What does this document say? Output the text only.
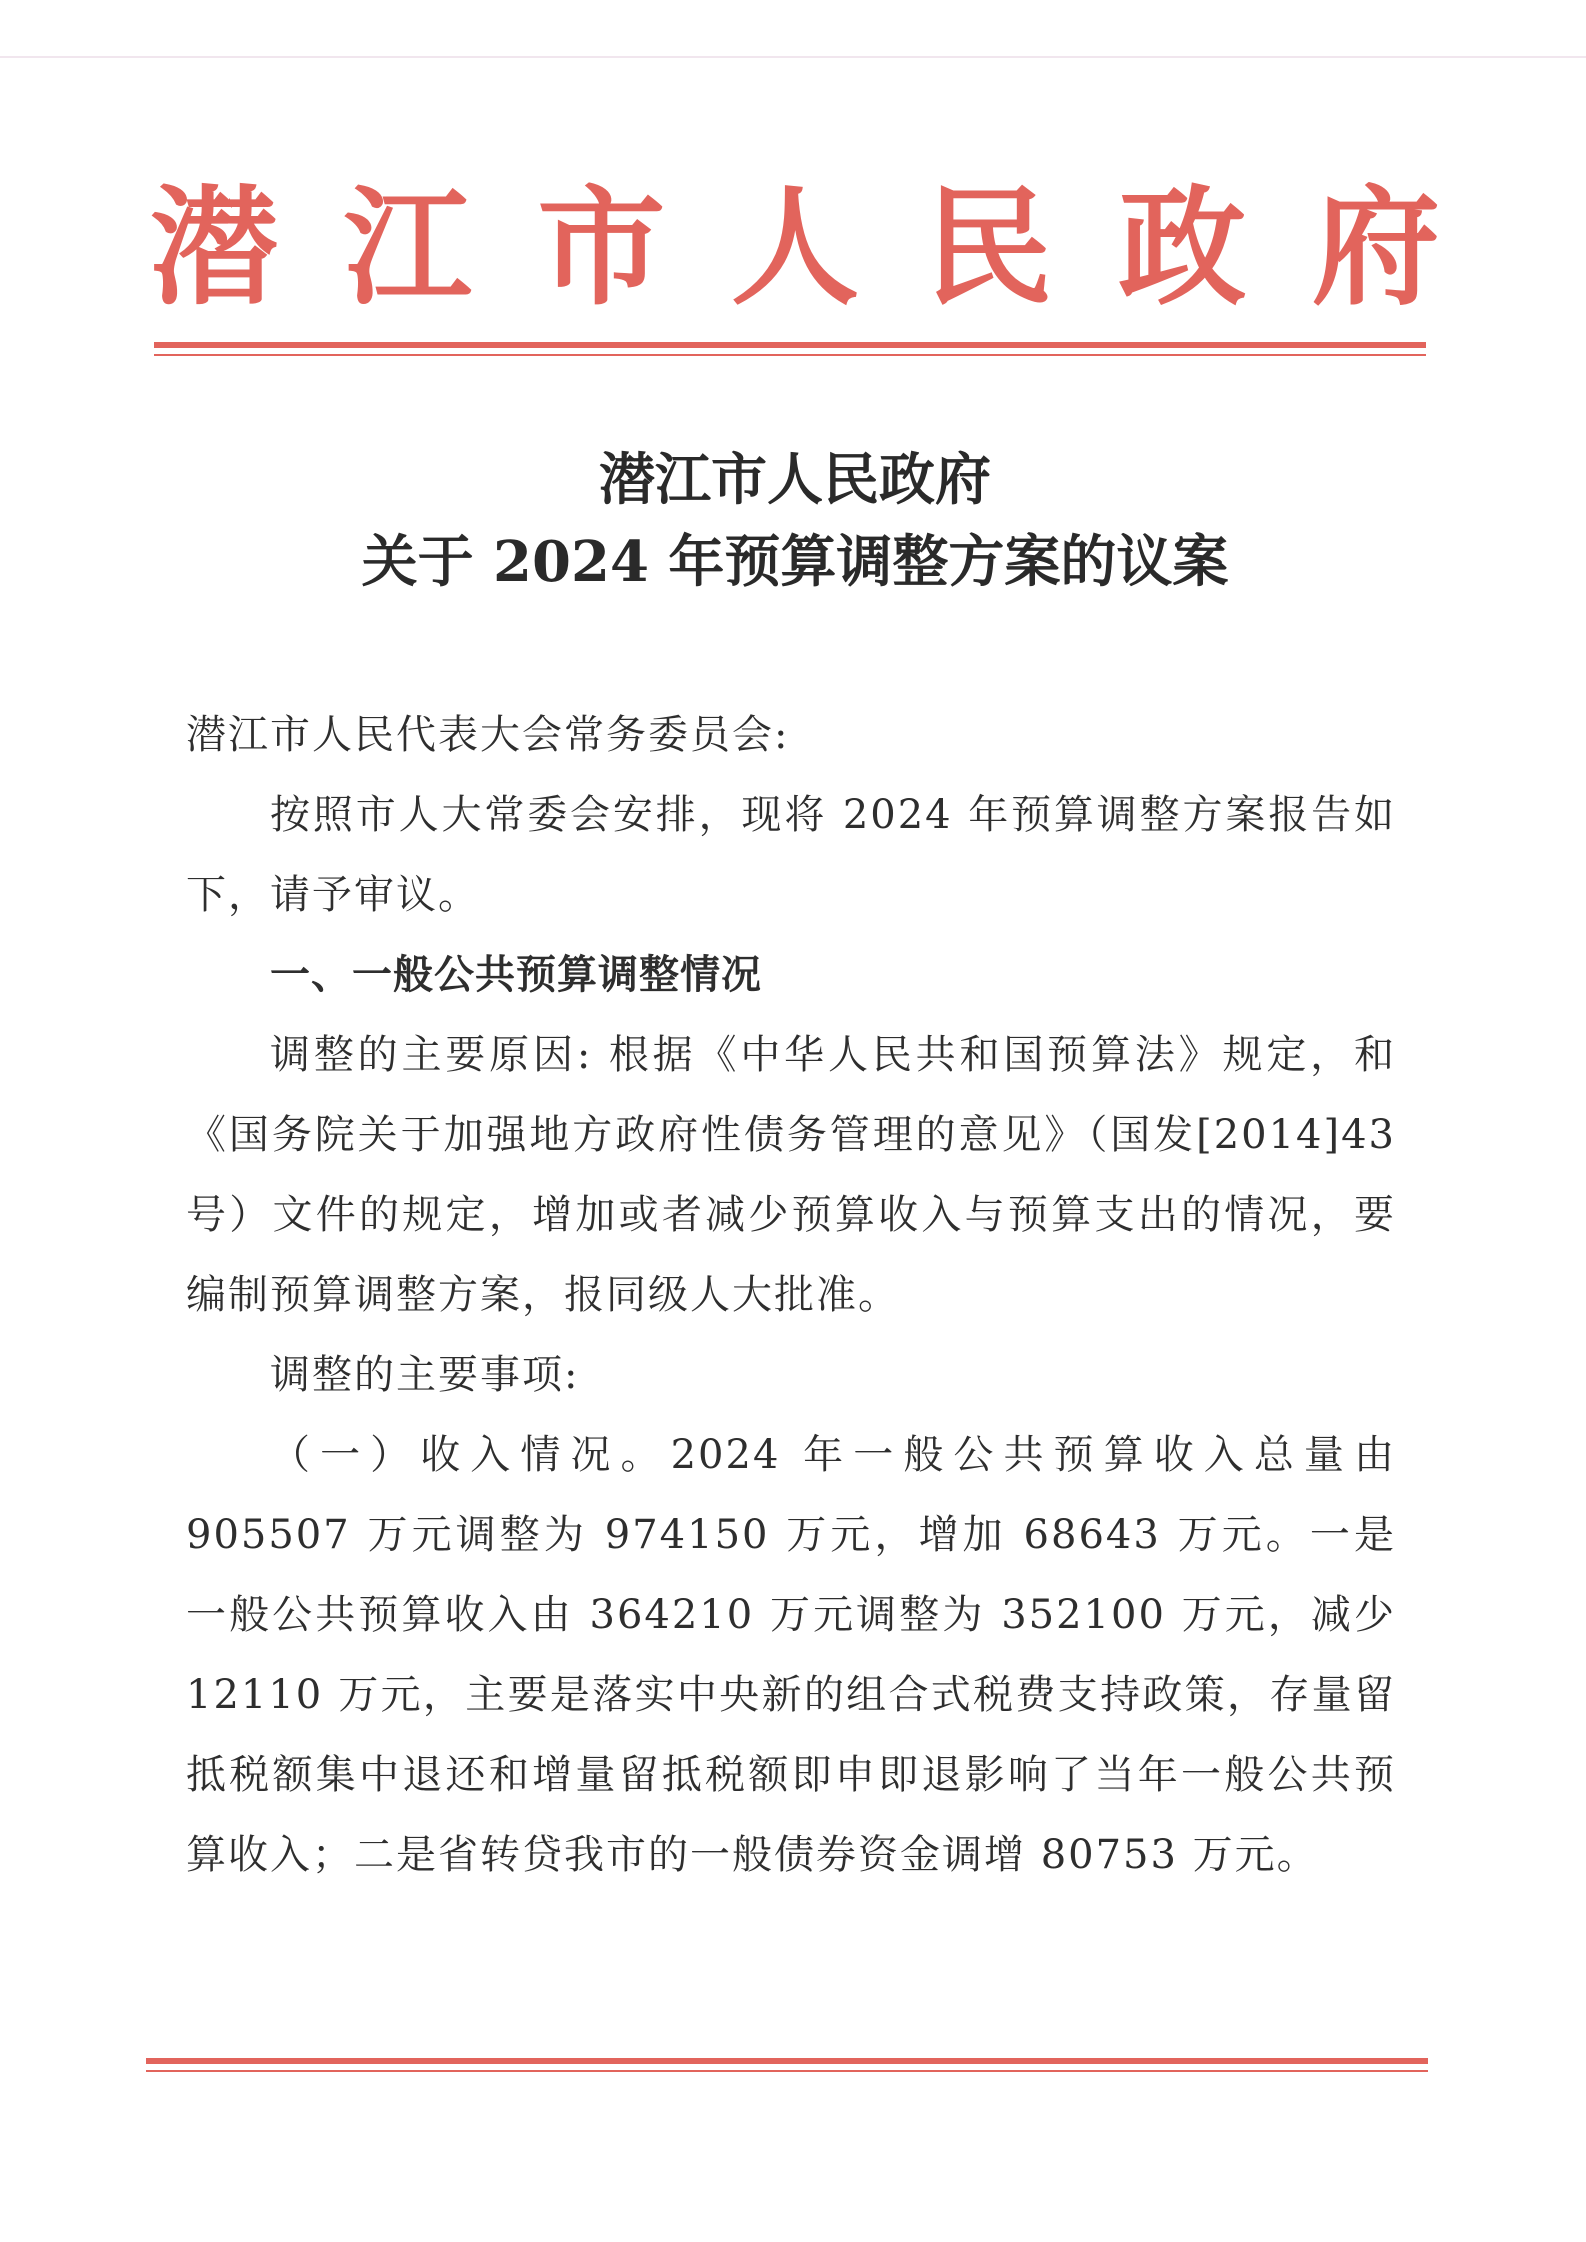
潜 江 市 人 民 政 府
潜江市人民政府
关于 2024 年预算调整方案的议案

潜江市人民代表大会常务委员会:

按照市人大常委会安排，现将 2024 年预算调整方案报告如下，请予审议。

一、一般公共预算调整情况

调整的主要原因: 根据《中华人民共和国预算法》规定，和《国务院关于加强地方政府性债务管理的意见》（国发[2014]43号）文件的规定，增加或者减少预算收入与预算支出的情况，要编制预算调整方案，报同级人大批准。

调整的主要事项:

（一）收入情况。2024 年一般公共预算收入总量由 905507 万元调整为 974150 万元，增加 68643 万元。一是一般公共预算收入由 364210 万元调整为 352100 万元，减少 12110 万元，主要是落实中央新的组合式税费支持政策，存量留抵税额集中退还和增量留抵税额即申即退影响了当年一般公共预算收入；二是省转贷我市的一般债券资金调增 80753 万元。
